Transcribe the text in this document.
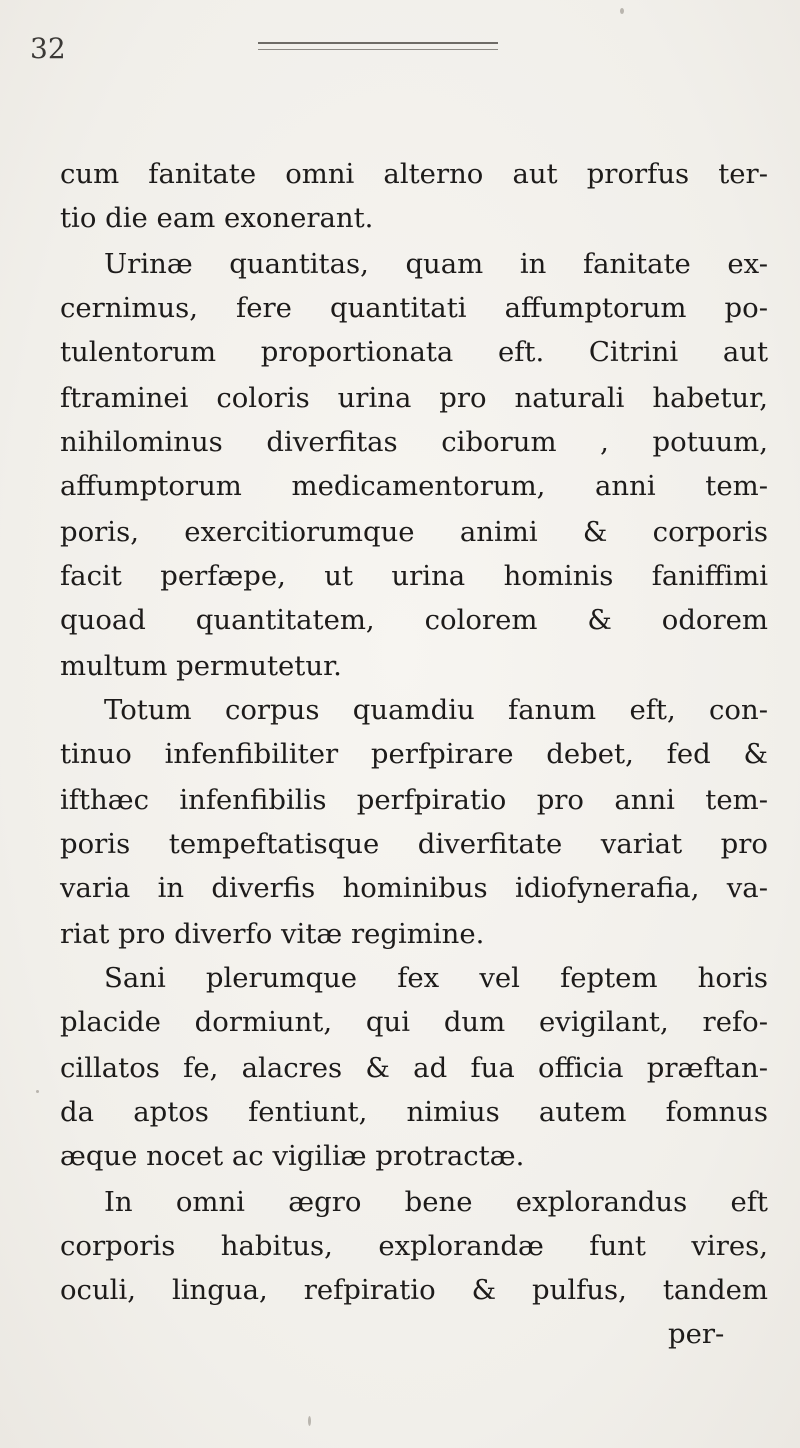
32
cum fanitate omni alterno aut prorfus ter-
tio die eam exonerant.
Urinæ quantitas, quam in fanitate ex-
cernimus, fere quantitati affumptorum po-
tulentorum proportionata eft. Citrini aut
ftraminei coloris urina pro naturali habetur,
nihilominus diverfitas ciborum , potuum,
affumptorum medicamentorum, anni tem-
poris, exercitiorumque animi & corporis
facit perfæpe, ut urina hominis faniffimi
quoad quantitatem, colorem & odorem
multum permutetur.
Totum corpus quamdiu fanum eft, con-
tinuo infenfibiliter perfpirare debet, fed &
ifthæc infenfibilis perfpiratio pro anni tem-
poris tempeftatisque diverfitate variat pro
varia in diverfis hominibus idiofynerafia, va-
riat pro diverfo vitæ regimine.
Sani plerumque fex vel feptem horis
placide dormiunt, qui dum evigilant, refo-
cillatos fe, alacres & ad fua officia præftan-
da aptos fentiunt, nimius autem fomnus
æque nocet ac vigiliæ protractæ.
In omni ægro bene explorandus eft
corporis habitus, explorandæ funt vires,
oculi, lingua, refpiratio & pulfus, tandem
per-
